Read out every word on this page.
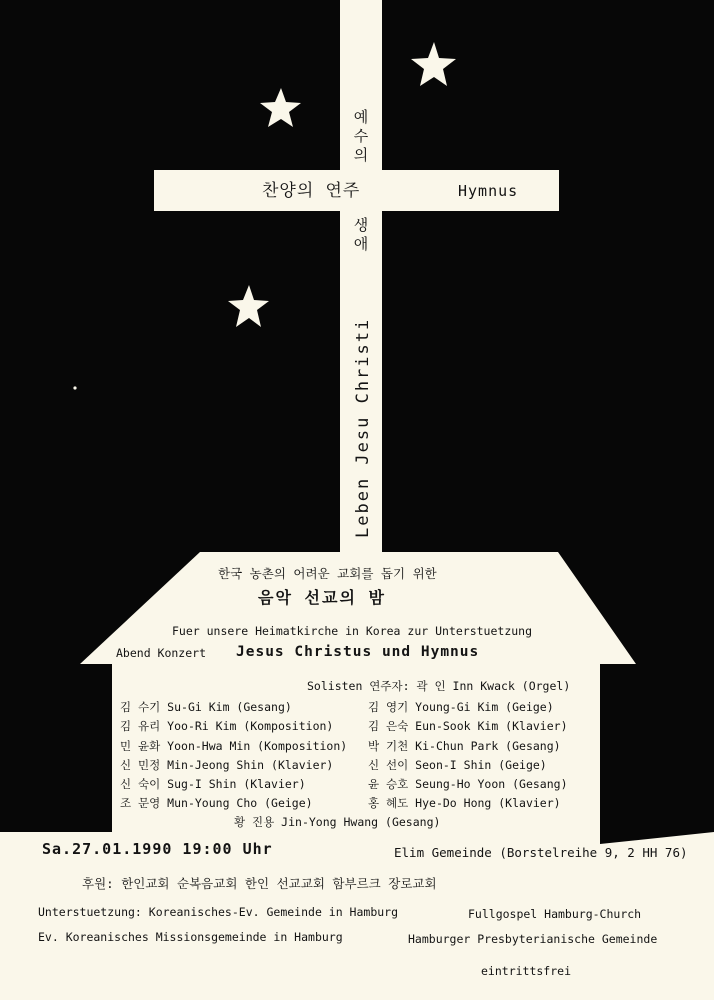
예
수
의
찬양의 연주	Hymnus
생
애
Leben Jesu Christi
한국 농촌의 어려운 교회를 돕기 위한
음악 선교의 밤
Fuer unsere Heimatkirche in Korea zur Unterstuetzung
Abend Konzert Jesus Christus und Hymnus
Solisten 연주자: 곽 인 Inn Kwack (Orgel)
김 수기 Su-Gi Kim (Gesang)	김 영기 Young-Gi Kim (Geige)
김 유리 Yoo-Ri Kim (Komposition)	김 은숙 Eun-Sook Kim (Klavier)
민 윤화 Yoon-Hwa Min (Komposition) 박 기천 Ki-Chun Park (Gesang)
신 민정 Min-Jeong Shin (Klavier)	신 선이 Seon-I Shin (Geige)
신 숙이 Sug-I Shin (Klavier)	윤 승호 Seung-Ho Yoon (Gesang)
조 문영 Mun-Young Cho (Geige)	홍 혜도 Hye-Do Hong (Klavier)
황 진용 Jin-Yong Hwang (Gesang)
Sa.27.01.1990 19:00 Uhr	Elim Gemeinde (Borstelreihe 9, 2 HH 76)
후원: 한인교회 순복음교회 한인 선교교회 함부르크 장로교회
Unterstuetzung: Koreanisches-Ev. Gemeinde in Hamburg	Fullgospel Hamburg-Church
Ev. Koreanisches Missionsgemeinde in Hamburg	Hamburger Presbyterianische Gemeinde
eintrittsfrei
